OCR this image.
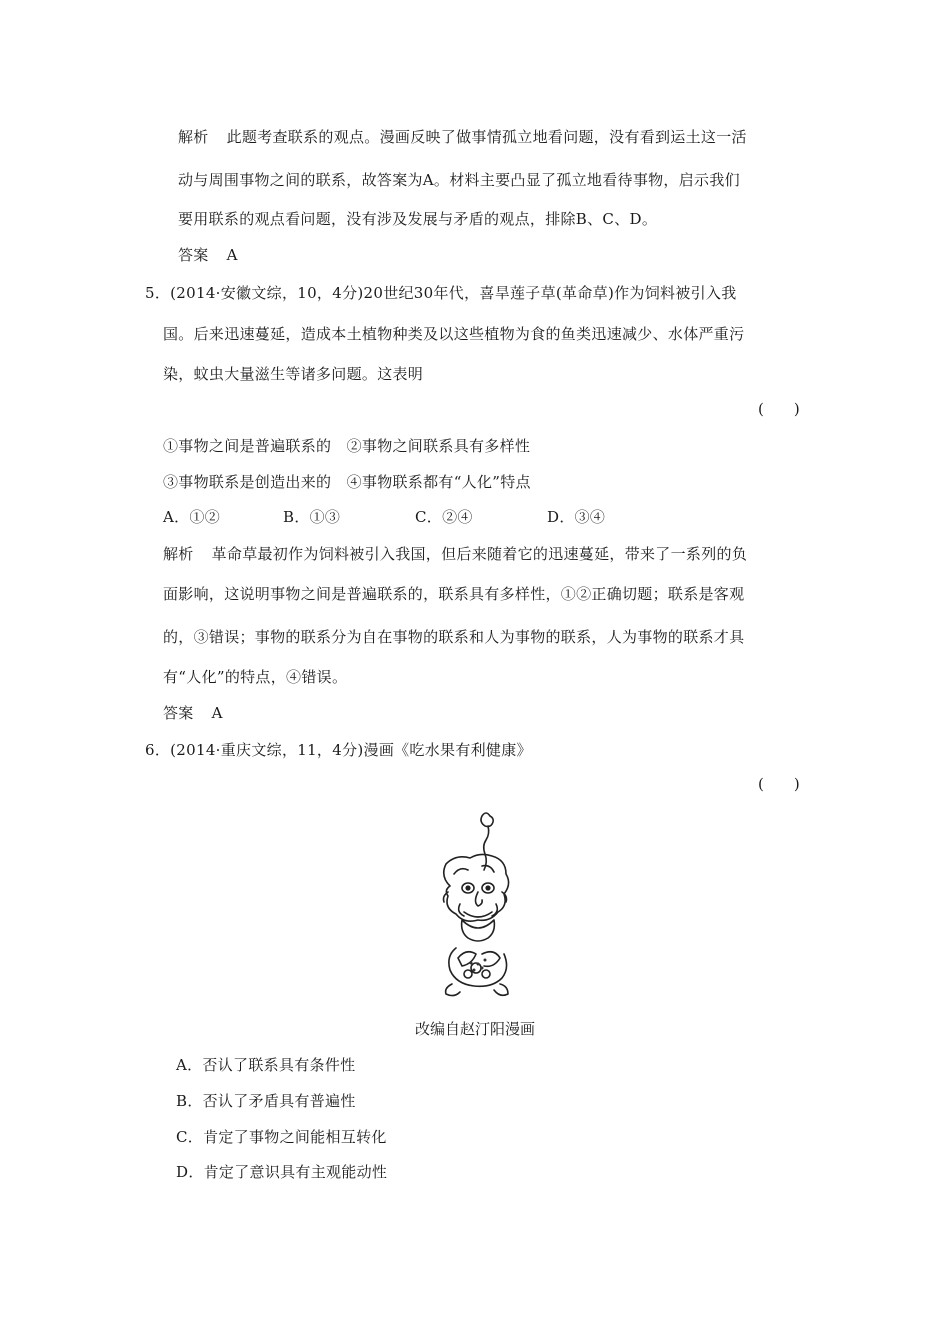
解析 此题考查联系的观点。漫画反映了做事情孤立地看问题，没有看到运土这一活
动与周围事物之间的联系，故答案为A。材料主要凸显了孤立地看待事物，启示我们
要用联系的观点看问题，没有涉及发展与矛盾的观点，排除B、C、D。
答案 A
5．(2014·安徽文综，10，4分)20世纪30年代，喜旱莲子草(革命草)作为饲料被引入我
国。后来迅速蔓延，造成本土植物种类及以这些植物为食的鱼类迅速减少、水体严重污
染，蚊虫大量滋生等诸多问题。这表明
(　　)
①事物之间是普遍联系的　②事物之间联系具有多样性
③事物联系是创造出来的　④事物联系都有“人化”特点
A．①②	B．①③	C．②④	D．③④
解析 革命草最初作为饲料被引入我国，但后来随着它的迅速蔓延，带来了一系列的负
面影响，这说明事物之间是普遍联系的，联系具有多样性，①②正确切题；联系是客观
的，③错误；事物的联系分为自在事物的联系和人为事物的联系，人为事物的联系才具
有“人化”的特点，④错误。
答案 A
6．(2014·重庆文综，11，4分)漫画《吃水果有利健康》
(　　)
改编自赵汀阳漫画
A．否认了联系具有条件性
B．否认了矛盾具有普遍性
C．肯定了事物之间能相互转化
D．肯定了意识具有主观能动性
